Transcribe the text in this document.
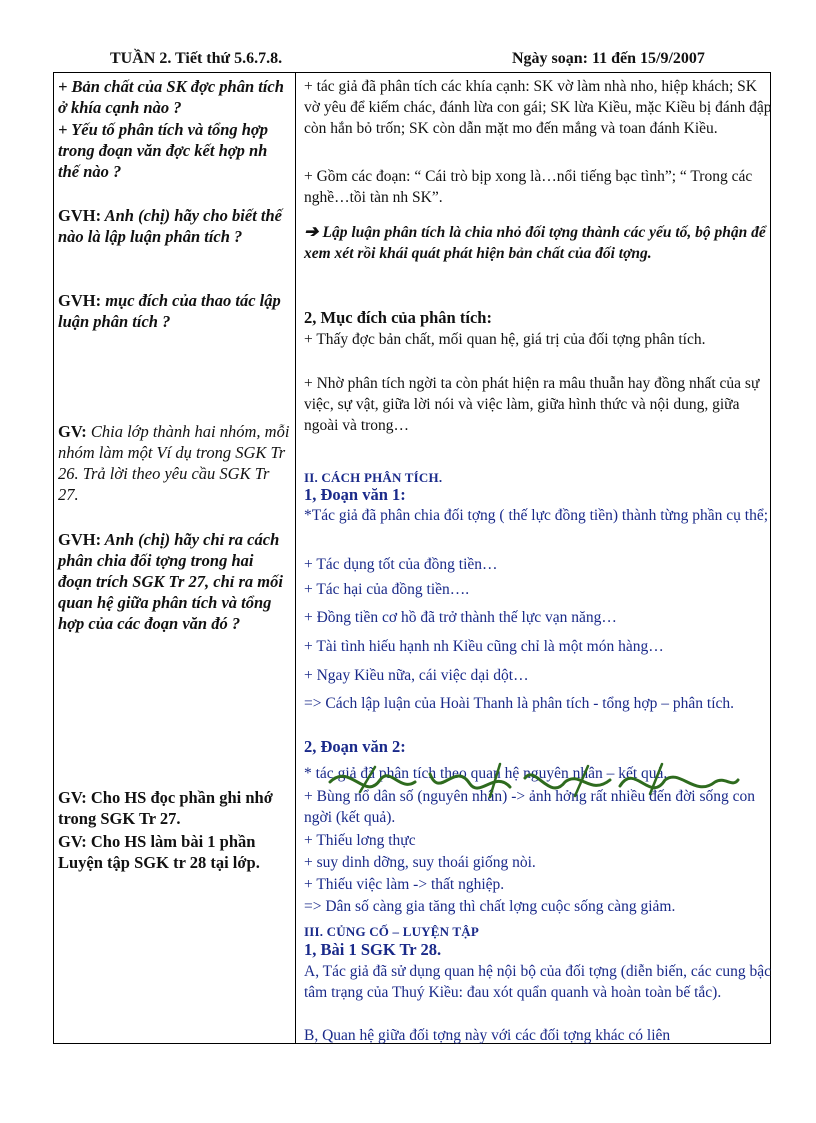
TUẦN 2. Tiết thứ 5.6.7.8.	Ngày soạn: 11 đến 15/9/2007
+ Bản chất của SK đợc phân tích ở khía cạnh nào ?
+ Yếu tố phân tích và tổng hợp trong đoạn văn đợc kết hợp nh thế nào ?
GVH: Anh (chị) hãy cho biết thế nào là lập luận phân tích ?
GVH: mục đích của thao tác lập luận phân tích ?
GV: Chia lớp thành hai nhóm, mỗi nhóm làm một Ví dụ trong SGK Tr 26. Trả lời theo yêu cầu SGK Tr 27.
GVH: Anh (chị) hãy chỉ ra cách phân chia đối tợng trong hai đoạn trích SGK Tr 27, chỉ ra mối quan hệ giữa phân tích và tổng hợp của các đoạn văn đó ?
GV: Cho HS đọc phần ghi nhớ trong SGK Tr 27.
GV: Cho HS làm bài 1 phần Luyện tập SGK tr 28 tại lớp.
+ tác giả đã phân tích các khía cạnh: SK vờ làm nhà nho, hiệp khách; SK vờ yêu để kiếm chác, đánh lừa con gái; SK lừa Kiều, mặc Kiều bị đánh đập còn hắn bỏ trốn; SK còn dẫn mặt mo đến mắng và toan đánh Kiều.
+ Gồm các đoạn: “ Cái trò bịp xong là…nổi tiếng bạc tình”; “ Trong các nghề…tồi tàn nh SK”.
➔ Lập luận phân tích là chia nhỏ đối tợng thành các yếu tố, bộ phận để xem xét rồi khái quát phát hiện bản chất của đối tợng.
2, Mục đích của phân tích:
+ Thấy đợc bản chất, mối quan hệ, giá trị của đối tợng phân tích.
+ Nhờ phân tích ngời ta còn phát hiện ra mâu thuẫn hay đồng nhất của sự việc, sự vật, giữa lời nói và việc làm, giữa hình thức và nội dung, giữa ngoài và trong…
II. CÁCH PHÂN TÍCH.
1, Đoạn văn 1:
*Tác giả đã phân chia đối tợng ( thế lực đồng tiền) thành từng phần cụ thể;
+ Tác dụng tốt của đồng tiền…
+ Tác hại của đồng tiền….
+ Đồng tiền cơ hồ đã trở thành thế lực vạn năng…
+ Tài tình hiếu hạnh nh Kiều cũng chỉ là một món hàng…
+ Ngay Kiều nữa, cái việc dại dột…
=> Cách lập luận của Hoài Thanh là phân tích - tổng hợp – phân tích.
2, Đoạn văn 2:
* tác giả đã phân tích theo quan hệ nguyên nhân – kết quả.
+ Bùng nổ dân số (nguyên nhân) -> ảnh hởng rất nhiều đến đời sống con ngời (kết quả).
+ Thiếu lơng thực
+ suy dinh dỡng, suy thoái giống nòi.
+ Thiếu việc làm -> thất nghiệp.
=> Dân số càng gia tăng thì chất lợng cuộc sống càng giảm.
III. CỦNG CỐ – LUYỆN TẬP
1, Bài 1 SGK Tr 28.
A, Tác giả đã sử dụng quan hệ nội bộ của đối tợng (diễn biến, các cung bậc tâm trạng của Thuý Kiều: đau xót quẩn quanh và hoàn toàn bế tắc).
B, Quan hệ giữa đối tợng này với các đối tợng khác có liên
